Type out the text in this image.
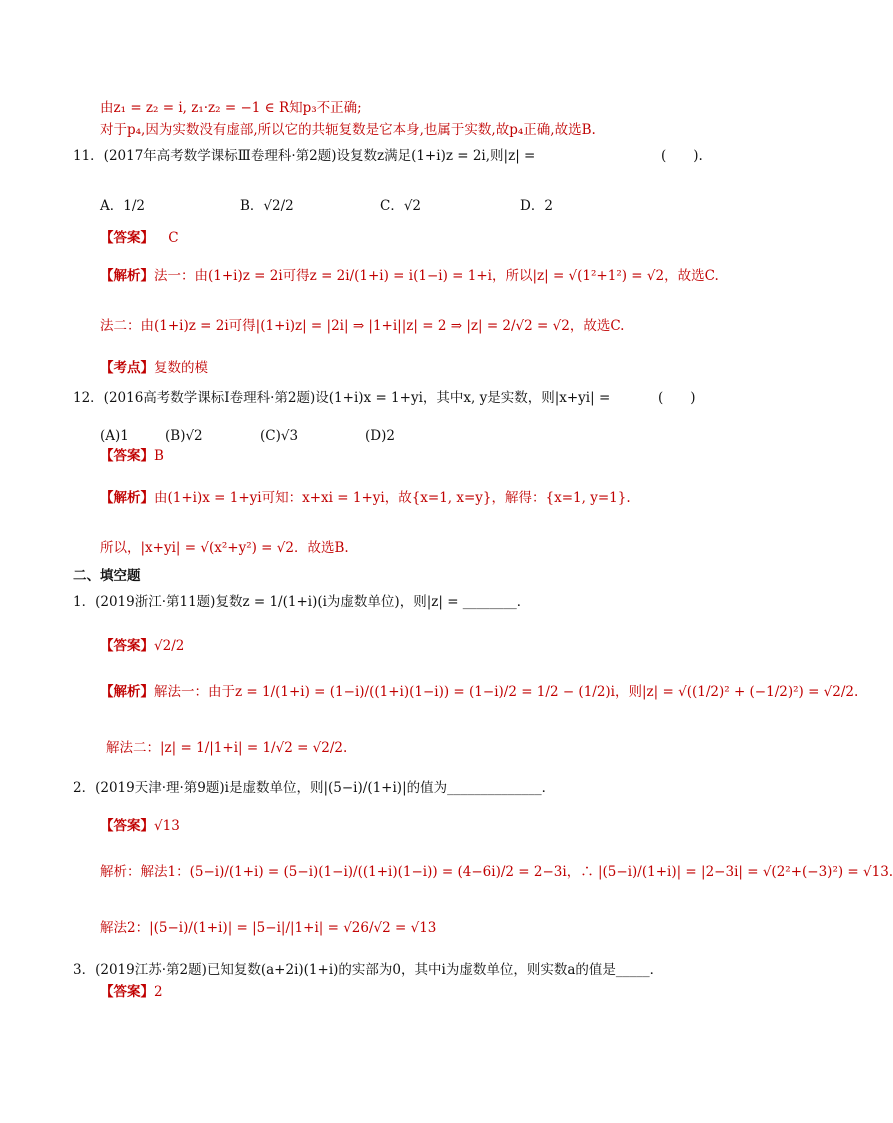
由z₁ = z₂ = i, z₁·z₂ = −1 ∈ R知p₃不正确;
对于p₄,因为实数没有虚部,所以它的共轭复数是它本身,也属于实数,故p₄正确,故选B.
11．(2017年高考数学课标Ⅲ卷理科·第2题)设复数z满足(1+i)z = 2i,则|z| =	(　　).
A．1/2	B．√2/2	C．√2	D．2
【答案】 C
【解析】法一：由(1+i)z = 2i可得z = 2i/(1+i) = i(1−i) = 1+i，所以|z| = √(1²+1²) = √2，故选C.
法二：由(1+i)z = 2i可得|(1+i)z| = |2i| ⇒ |1+i||z| = 2 ⇒ |z| = 2/√2 = √2，故选C.
【考点】复数的模
12．(2016高考数学课标Ⅰ卷理科·第2题)设(1+i)x = 1+yi，其中x, y是实数，则|x+yi| =	(　　)
(A)1	(B)√2	(C)√3	(D)2
【答案】B
【解析】由(1+i)x = 1+yi可知：x+xi = 1+yi，故{x=1, x=y}，解得：{x=1, y=1}.
所以，|x+yi| = √(x²+y²) = √2．故选B.
二、填空题
1．(2019浙江·第11题)复数z = 1/(1+i)(i为虚数单位)，则|z| = ________．
【答案】√2/2
【解析】解法一：由于z = 1/(1+i) = (1−i)/((1+i)(1−i)) = (1−i)/2 = 1/2 − (1/2)i，则|z| = √((1/2)² + (−1/2)²) = √2/2.
解法二：|z| = 1/|1+i| = 1/√2 = √2/2.
2．(2019天津·理·第9题)i是虚数单位，则|(5−i)/(1+i)|的值为______________．
【答案】√13
解析：解法1：(5−i)/(1+i) = (5−i)(1−i)/((1+i)(1−i)) = (4−6i)/2 = 2−3i，∴ |(5−i)/(1+i)| = |2−3i| = √(2²+(−3)²) = √13.
解法2：|(5−i)/(1+i)| = |5−i|/|1+i| = √26/√2 = √13
3．(2019江苏·第2题)已知复数(a+2i)(1+i)的实部为0，其中i为虚数单位，则实数a的值是_____．
【答案】2
